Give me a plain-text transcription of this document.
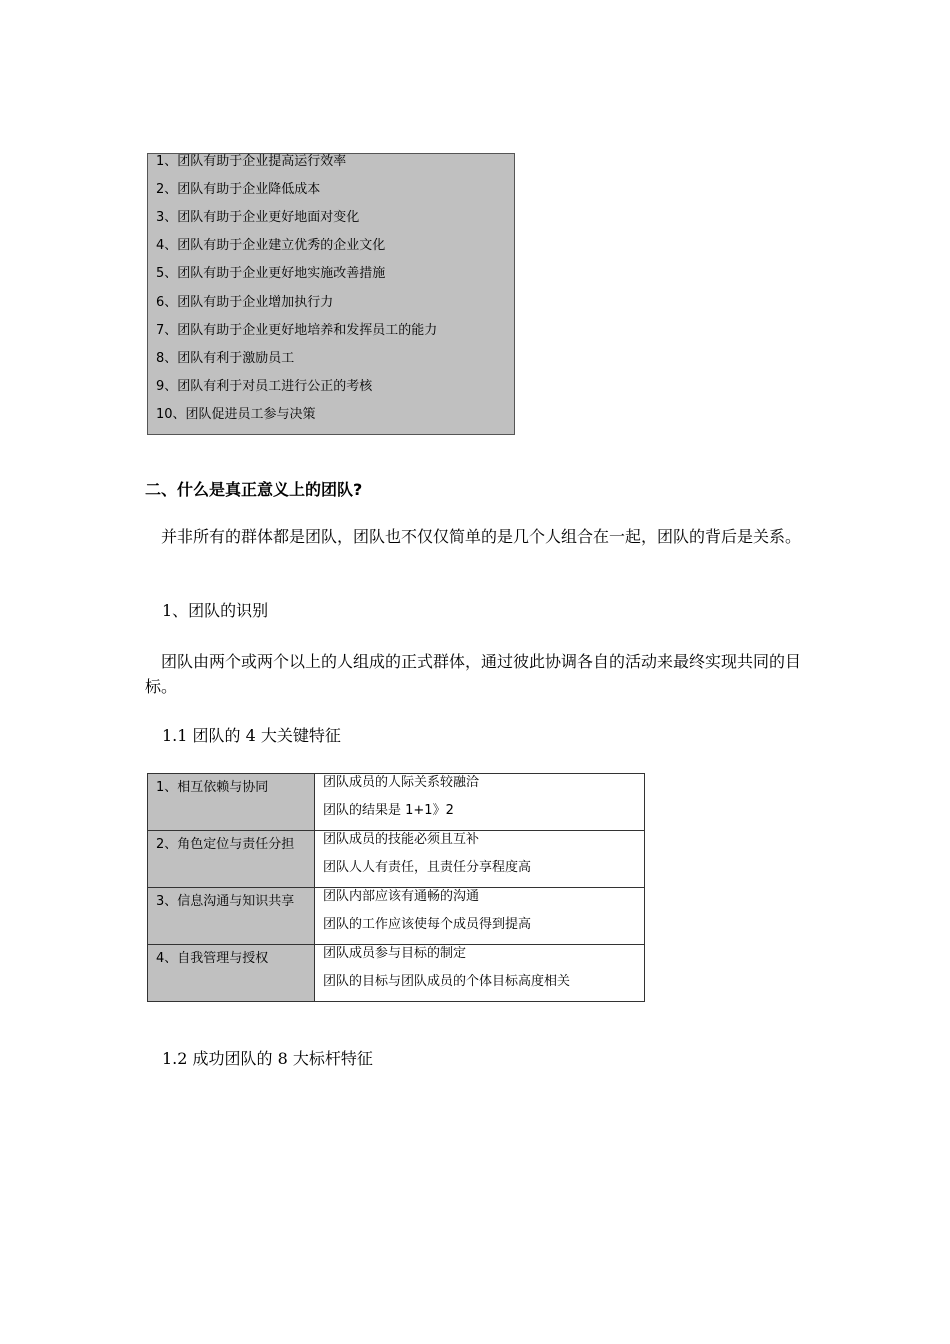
1、团队有助于企业提高运行效率
2、团队有助于企业降低成本
3、团队有助于企业更好地面对变化
4、团队有助于企业建立优秀的企业文化
5、团队有助于企业更好地实施改善措施
6、团队有助于企业增加执行力
7、团队有助于企业更好地培养和发挥员工的能力
8、团队有利于激励员工
9、团队有利于对员工进行公正的考核
10、团队促进员工参与决策
二、什么是真正意义上的团队?
并非所有的群体都是团队，团队也不仅仅简单的是几个人组合在一起，团队的背后是关系。
1、团队的识别
团队由两个或两个以上的人组成的正式群体，通过彼此协调各自的活动来最终实现共同的目标。
1.1 团队的 4 大关键特征
1、相互依赖与协同	团队成员的人际关系较融洽
团队的结果是 1+1》2

2、角色定位与责任分担	团队成员的技能必须且互补
团队人人有责任，且责任分享程度高

3、信息沟通与知识共享	团队内部应该有通畅的沟通
团队的工作应该使每个成员得到提高

4、自我管理与授权	团队成员参与目标的制定
团队的目标与团队成员的个体目标高度相关
1.2 成功团队的 8 大标杆特征
